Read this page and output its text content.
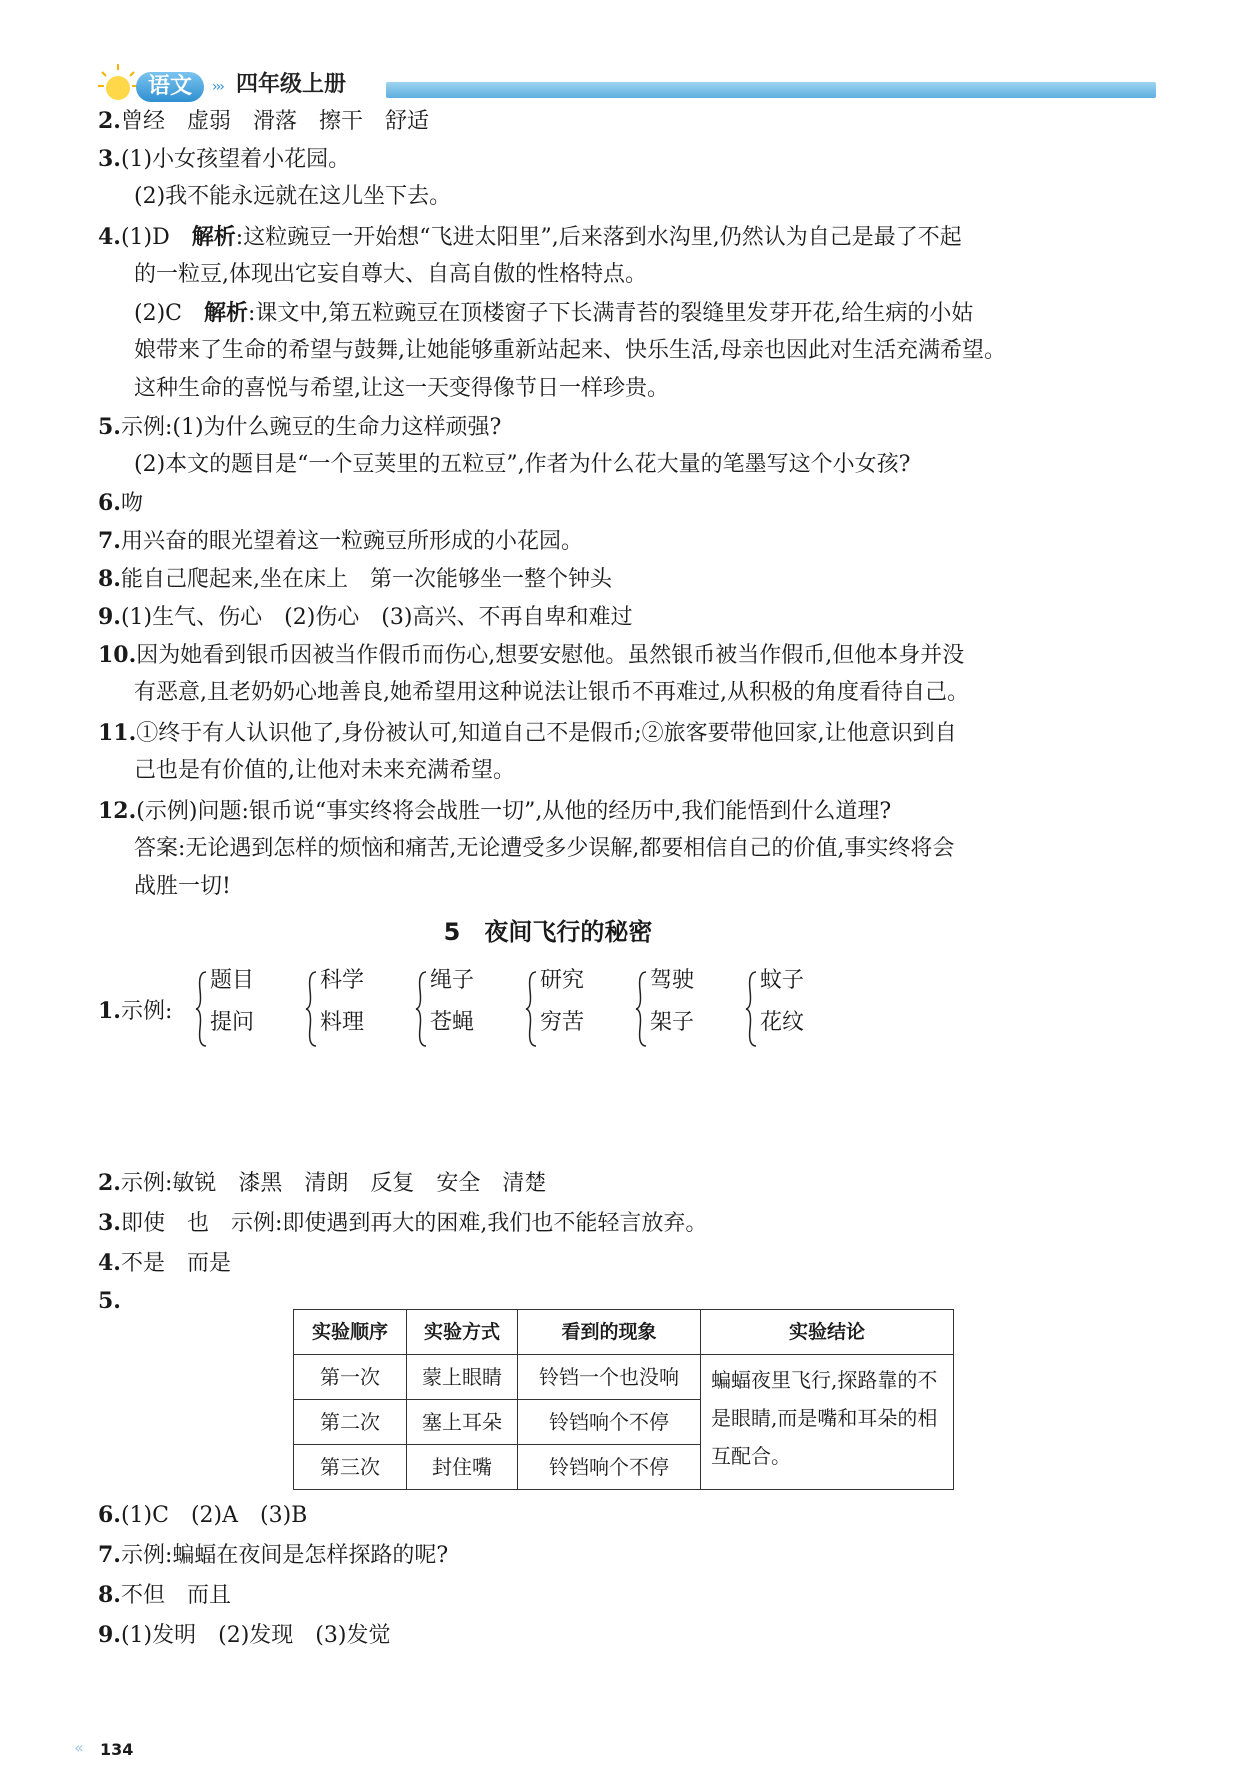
语文	››› 四年级上册
2.曾经　虚弱　滑落　擦干　舒适
3.(1)小女孩望着小花园。
(2)我不能永远就在这儿坐下去。
4.(1)D　解析:这粒豌豆一开始想“飞进太阳里”,后来落到水沟里,仍然认为自己是最了不起
的一粒豆,体现出它妄自尊大、自高自傲的性格特点。
(2)C　解析:课文中,第五粒豌豆在顶楼窗子下长满青苔的裂缝里发芽开花,给生病的小姑
娘带来了生命的希望与鼓舞,让她能够重新站起来、快乐生活,母亲也因此对生活充满希望。
这种生命的喜悦与希望,让这一天变得像节日一样珍贵。
5.示例:(1)为什么豌豆的生命力这样顽强?
(2)本文的题目是“一个豆荚里的五粒豆”,作者为什么花大量的笔墨写这个小女孩?
6.吻
7.用兴奋的眼光望着这一粒豌豆所形成的小花园。
8.能自己爬起来,坐在床上　第一次能够坐一整个钟头
9.(1)生气、伤心　(2)伤心　(3)高兴、不再自卑和难过
10.因为她看到银币因被当作假币而伤心,想要安慰他。虽然银币被当作假币,但他本身并没
有恶意,且老奶奶心地善良,她希望用这种说法让银币不再难过,从积极的角度看待自己。
11.①终于有人认识他了,身份被认可,知道自己不是假币;②旅客要带他回家,让他意识到自
己也是有价值的,让他对未来充满希望。
12.(示例)问题:银币说“事实终将会战胜一切”,从他的经历中,我们能悟到什么道理?
答案:无论遇到怎样的烦恼和痛苦,无论遭受多少误解,都要相信自己的价值,事实终将会
战胜一切!
5　夜间飞行的秘密
1.示例:
题目
提问
科学
料理
绳子
苍蝇
研究
穷苦
驾驶
架子
蚊子
花纹
2.示例:敏锐　漆黑　清朗　反复　安全　清楚
3.即使　也　示例:即使遇到再大的困难,我们也不能轻言放弃。
4.不是　而是
5.
实验顺序	实验方式	看到的现象	实验结论
第一次	蒙上眼睛	铃铛一个也没响	蝙蝠夜里飞行,探路靠的不是眼睛,而是嘴和耳朵的相互配合。
第二次	塞上耳朵	铃铛响个不停	
第三次	封住嘴	铃铛响个不停	
6.(1)C　(2)A　(3)B
7.示例:蝙蝠在夜间是怎样探路的呢?
8.不但　而且
9.(1)发明　(2)发现　(3)发觉
‹‹ 134
